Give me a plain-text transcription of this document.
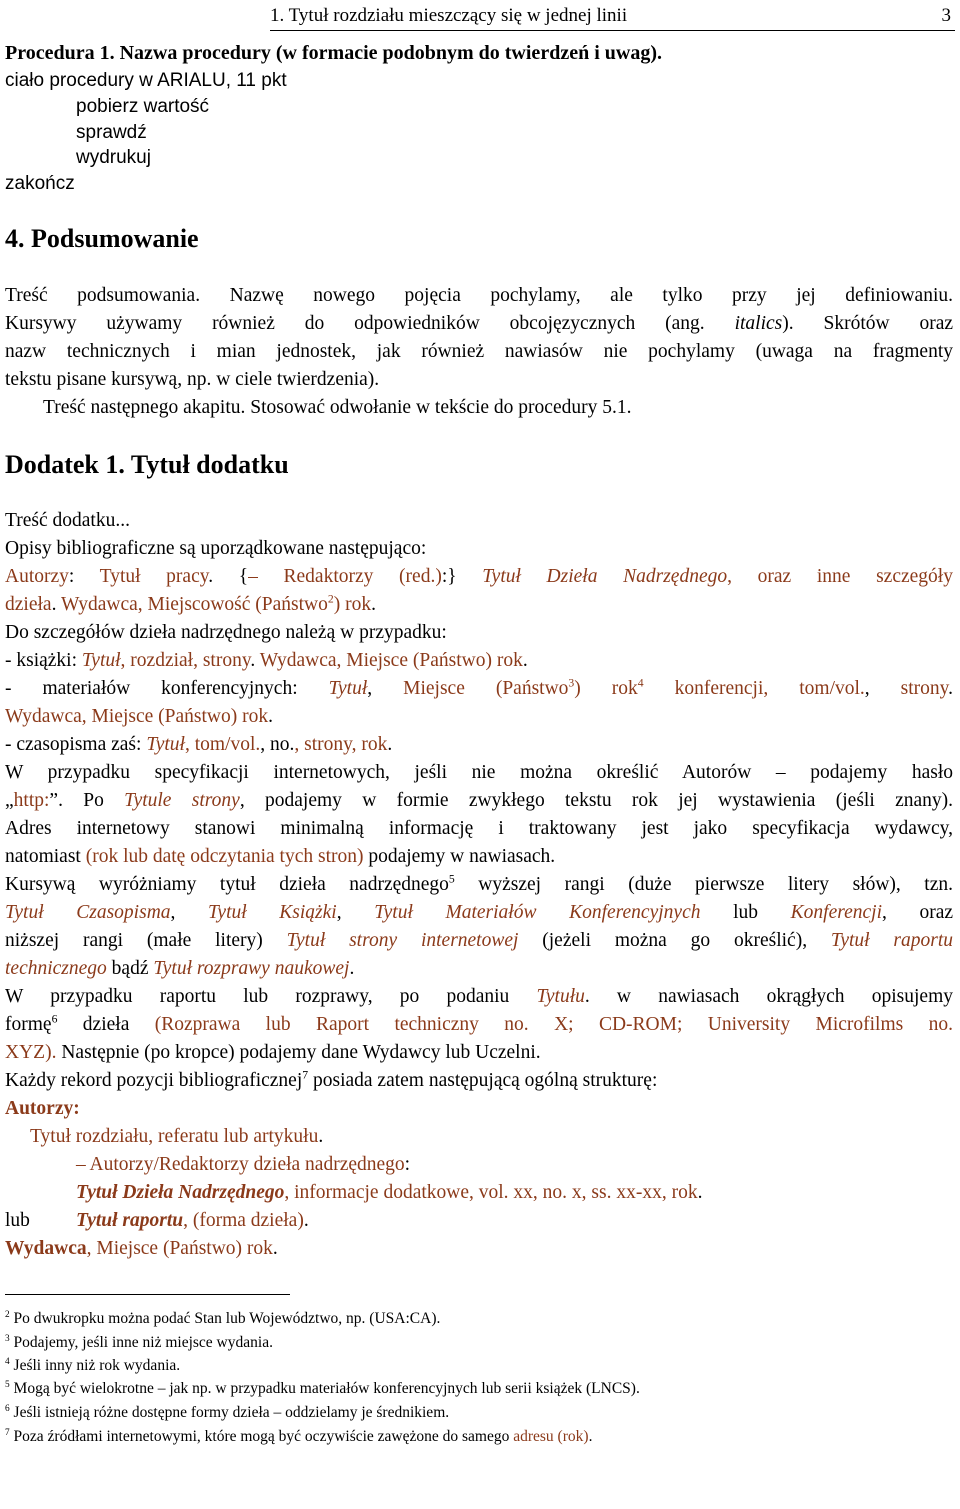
1. Tytuł rozdziału mieszczący się w jednej linii	3
Procedura 1. Nazwa procedury (w formacie podobnym do twierdzeń i uwag).
ciało procedury w ARIALU, 11 pkt
pobierz wartość
sprawdź
wydrukuj
zakończ
4. Podsumowanie
Treść podsumowania. Nazwę nowego pojęcia pochylamy, ale tylko przy jej definiowaniu.
Kursywy używamy również do odpowiedników obcojęzycznych (ang. italics). Skrótów oraz
nazw technicznych i mian jednostek, jak również nawiasów nie pochylamy (uwaga na fragmenty
tekstu pisane kursywą, np. w ciele twierdzenia).
Treść następnego akapitu. Stosować odwołanie w tekście do procedury 5.1.
Dodatek 1. Tytuł dodatku
Treść dodatku...
Opisy bibliograficzne są uporządkowane następująco:
Autorzy: Tytuł pracy. {– Redaktorzy (red.):} Tytuł Dzieła Nadrzędnego, oraz inne szczegóły
dzieła. Wydawca, Miejscowość (Państwo$^2$) rok.
Do szczegółów dzieła nadrzędnego należą w przypadku:
- książki: Tytuł, rozdział, strony. Wydawca, Miejsce (Państwo) rok.
- materiałów konferencyjnych: Tytuł, Miejsce (Państwo$^3$) rok$^4$ konferencji, tom/vol., strony.
Wydawca, Miejsce (Państwo) rok.
- czasopisma zaś: Tytuł, tom/vol., no., strony, rok.
W przypadku specyfikacji internetowych, jeśli nie można określić Autorów – podajemy hasło
„http:”. Po Tytule strony, podajemy w formie zwykłego tekstu rok jej wystawienia (jeśli znany).
Adres internetowy stanowi minimalną informację i traktowany jest jako specyfikacja wydawcy,
natomiast (rok lub datę odczytania tych stron) podajemy w nawiasach.
Kursywą wyróżniamy tytuł dzieła nadrzędnego$^5$ wyższej rangi (duże pierwsze litery słów), tzn.
Tytuł Czasopisma, Tytuł Książki, Tytuł Materiałów Konferencyjnych lub Konferencji, oraz
niższej rangi (małe litery) Tytuł strony internetowej (jeżeli można go określić), Tytuł raportu
technicznego bądź Tytuł rozprawy naukowej.
W przypadku raportu lub rozprawy, po podaniu Tytułu. w nawiasach okrągłych opisujemy
formę$^6$ dzieła (Rozprawa lub Raport techniczny no. X; CD-ROM; University Microfilms no.
XYZ). Następnie (po kropce) podajemy dane Wydawcy lub Uczelni.
Każdy rekord pozycji bibliograficznej$^7$ posiada zatem następującą ogólną strukturę:
Autorzy:
Tytuł rozdziału, referatu lub artykułu.
– Autorzy/Redaktorzy dzieła nadrzędnego:
Tytuł Dzieła Nadrzędnego, informacje dodatkowe, vol. xx, no. x, ss. xx-xx, rok.
lub Tytuł raportu, (forma dzieła).
Wydawca, Miejsce (Państwo) rok.
$^2$ Po dwukropku można podać Stan lub Województwo, np. (USA:CA).
$^3$ Podajemy, jeśli inne niż miejsce wydania.
$^4$ Jeśli inny niż rok wydania.
$^5$ Mogą być wielokrotne – jak np. w przypadku materiałów konferencyjnych lub serii książek (LNCS).
$^6$ Jeśli istnieją różne dostępne formy dzieła – oddzielamy je średnikiem.
$^7$ Poza źródłami internetowymi, które mogą być oczywiście zawężone do samego adresu (rok).
